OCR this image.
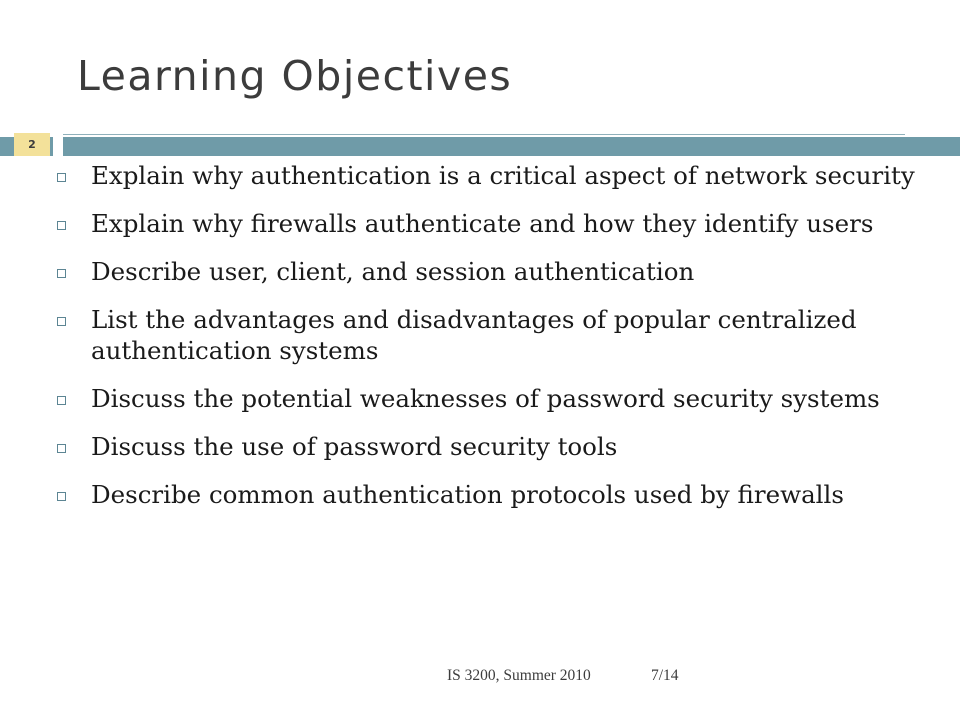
Learning Objectives
2
Explain why authentication is a critical aspect of network security
Explain why firewalls authenticate and how they identify users
Describe user, client, and session authentication
List the advantages and disadvantages of popular centralized authentication systems
Discuss the potential weaknesses of password security systems
Discuss the use of password security tools
Describe common authentication protocols used by firewalls
IS 3200, Summer 2010	7/14
